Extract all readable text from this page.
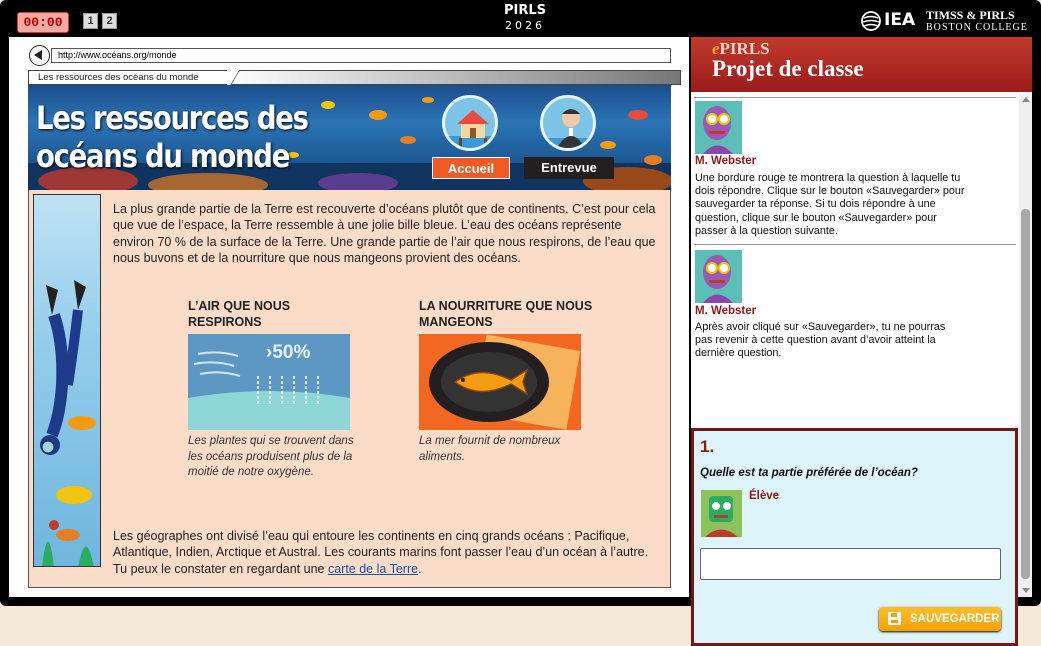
00:00	1	2
PIRLS
2026	IEA TIMSS & PIRLS
BOSTON COLLEGE
http://www.océans.org/monde
Les ressources des océans du monde
Les ressources des
océans du monde	Accueil	Entrevue
La plus grande partie de la Terre est recouverte d’océans plutôt que de continents. C’est pour cela que vue de l’espace, la Terre ressemble à une jolie bille bleue. L’eau des océans représente environ 70 % de la surface de la Terre. Une grande partie de l’air que nous respirons, de l’eau que nous buvons et de la nourriture que nous mangeons provient des océans.
L’AIR QUE NOUS RESPIRONS
LA NOURRITURE QUE NOUS MANGEONS
›50%
Les plantes qui se trouvent dans les océans produisent plus de la moitié de notre oxygène.
La mer fournit de nombreux aliments.
Les géographes ont divisé l’eau qui entoure les continents en cinq grands océans : Pacifique, Atlantique, Indien, Arctique et Austral. Les courants marins font passer l’eau d’un océan à l’autre. Tu peux le constater en regardant une carte de la Terre.
ePIRLS
Projet de classe
M. Webster
Une bordure rouge te montrera la question à laquelle tu dois répondre. Clique sur le bouton «Sauvegarder» pour sauvegarder ta réponse. Si tu dois répondre à une question, clique sur le bouton «Sauvegarder» pour passer à la question suivante.
M. Webster
Après avoir cliqué sur «Sauvegarder», tu ne pourras pas revenir à cette question avant d’avoir atteint la dernière question.
1.
Quelle est ta partie préférée de l’océan?
Élève
SAUVEGARDER
